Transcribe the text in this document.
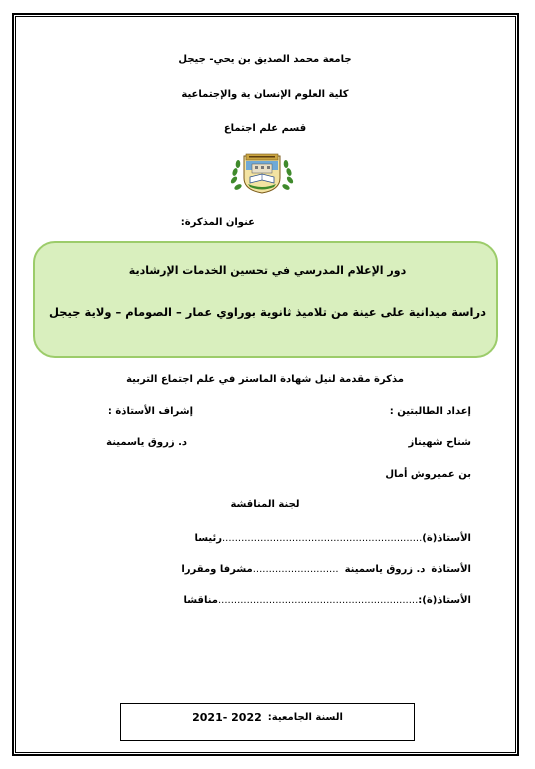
جامعة محمد الصديق بن يحي- جيجل
كلية العلوم الإنسان ية والإجتماعية
قسم علم اجتماع
عنوان المذكرة:
دور الإعلام المدرسي في تحسين الخدمات الإرشادية
دراسة ميدانية على عينة من تلاميذ ثانوية بوراوي عمار – الصومام – ولاية جيجل
مذكرة مقدمة لنيل شهادة الماستر في علم اجتماع التربية
إعداد الطالبتين :
إشراف الأستاذة :
شناح شهيناز
د. زروق ياسمينة
بن عميروش أمال
لجنة المناقشة
الأستاذ(ة)
...............................................................
رئيسا
الأستاذة
د. زروق ياسمينة
...........................
مشرفا ومقررا
الأستاذ(ة):
...............................................................
مناقشا
السنة الجامعية:
2021- 2022
